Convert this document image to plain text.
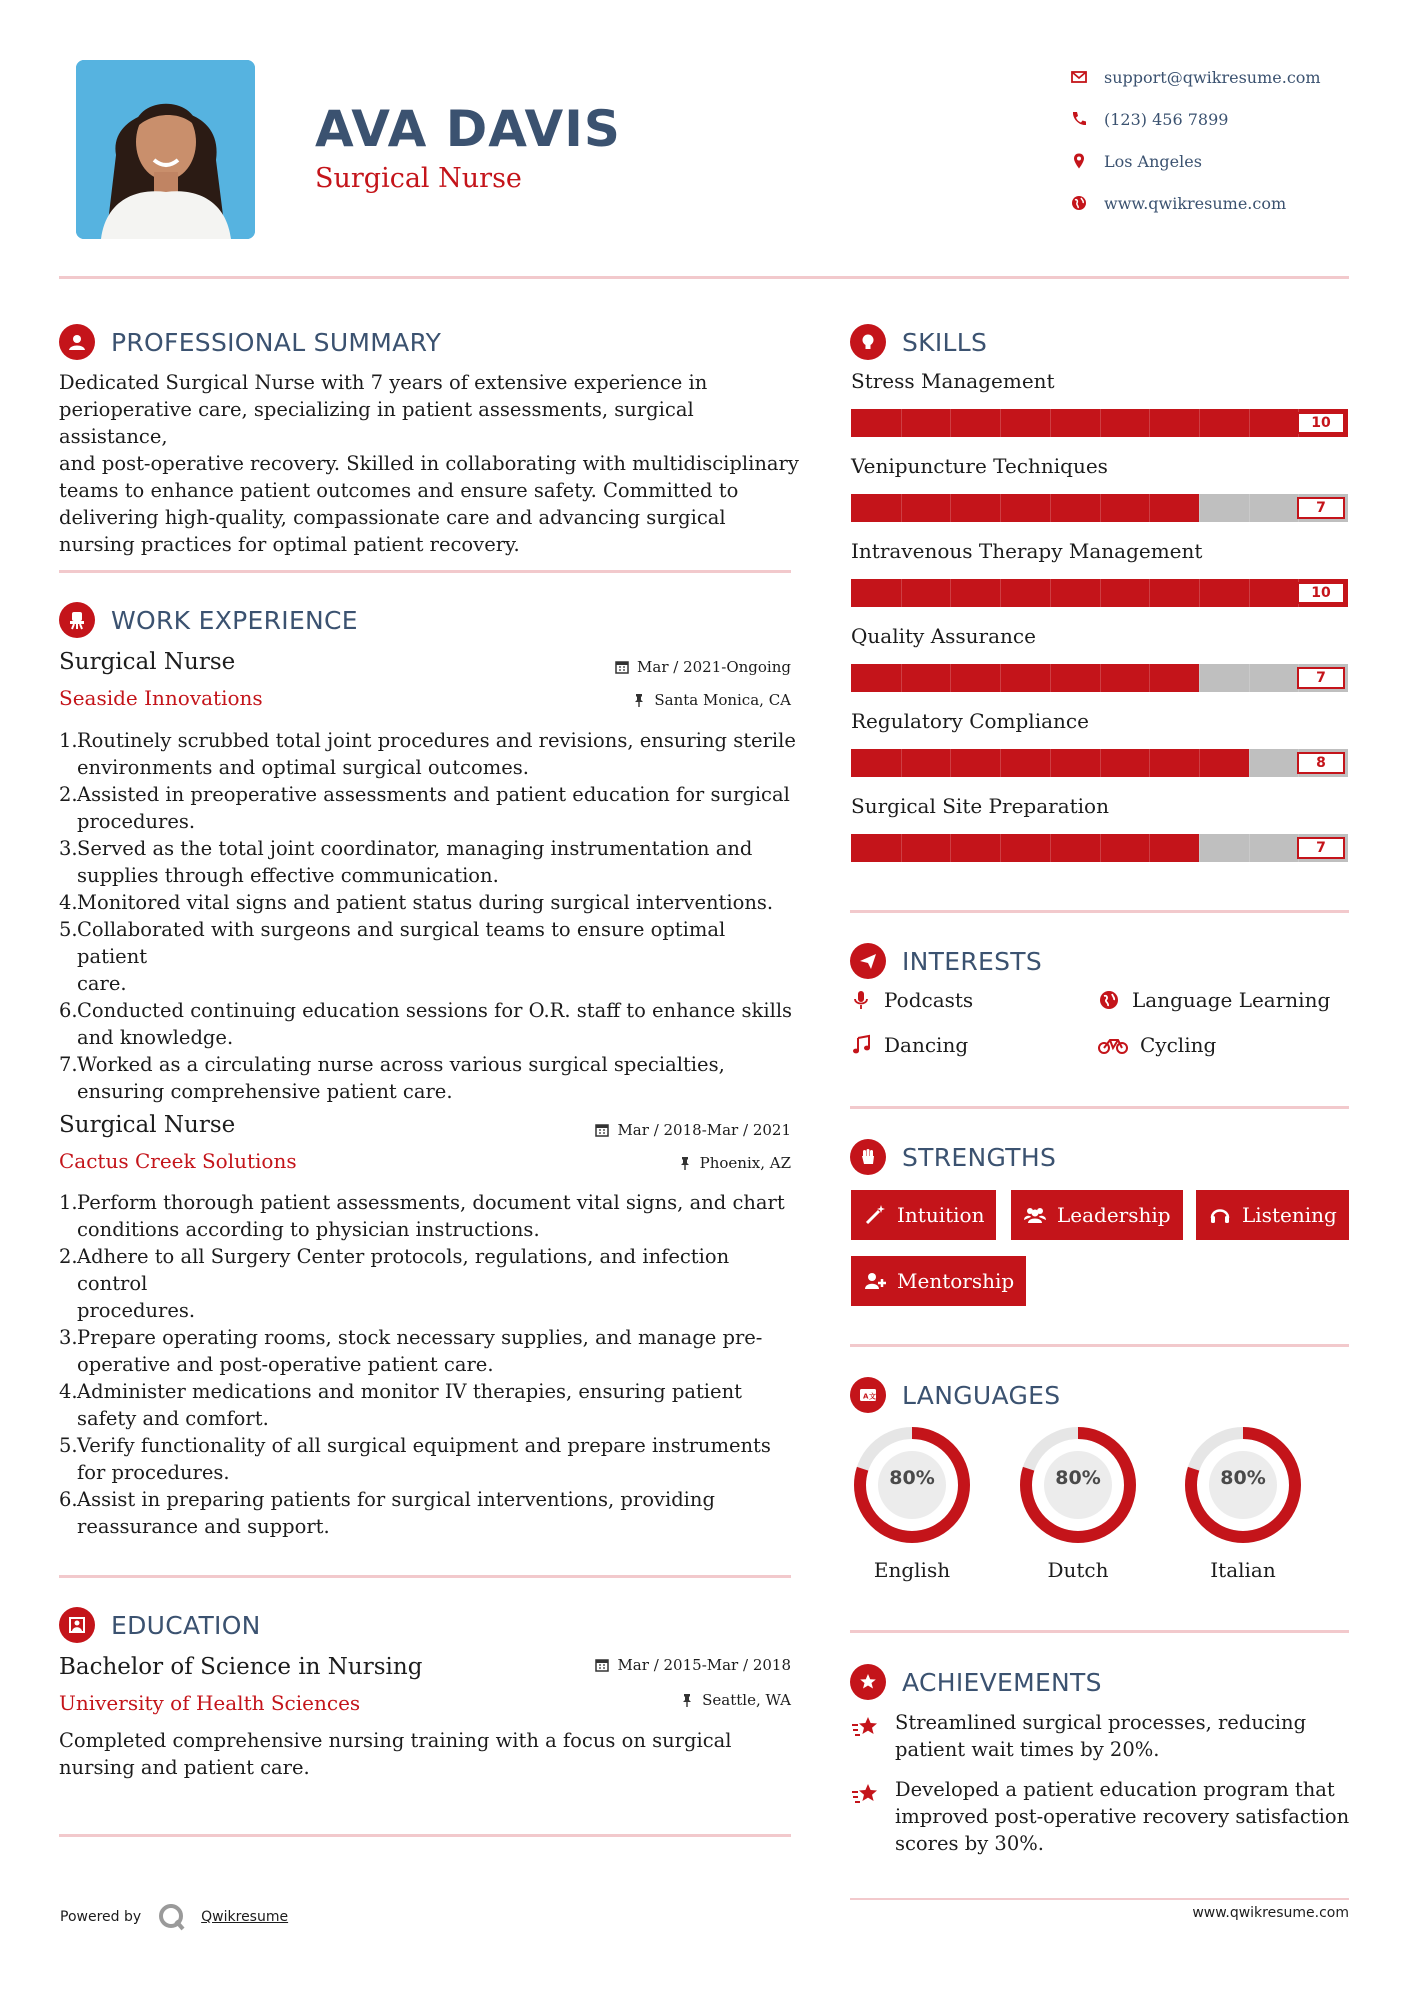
AVA DAVIS
Surgical Nurse
support@qwikresume.com
(123) 456 7899
Los Angeles
www.qwikresume.com
PROFESSIONAL SUMMARY
Dedicated Surgical Nurse with 7 years of extensive experience in
perioperative care, specializing in patient assessments, surgical assistance,
and post-operative recovery. Skilled in collaborating with multidisciplinary
teams to enhance patient outcomes and ensure safety. Committed to
delivering high-quality, compassionate care and advancing surgical
nursing practices for optimal patient recovery.
WORK EXPERIENCE
Surgical Nurse
Seaside Innovations
Mar / 2021-Ongoing
Santa Monica, CA
1. Routinely scrubbed total joint procedures and revisions, ensuring sterile
environments and optimal surgical outcomes.
2. Assisted in preoperative assessments and patient education for surgical
procedures.
3. Served as the total joint coordinator, managing instrumentation and
supplies through effective communication.
4. Monitored vital signs and patient status during surgical interventions.
5. Collaborated with surgeons and surgical teams to ensure optimal patient
care.
6. Conducted continuing education sessions for O.R. staff to enhance skills
and knowledge.
7. Worked as a circulating nurse across various surgical specialties,
ensuring comprehensive patient care.
Surgical Nurse
Cactus Creek Solutions
Mar / 2018-Mar / 2021
Phoenix, AZ
1. Perform thorough patient assessments, document vital signs, and chart
conditions according to physician instructions.
2. Adhere to all Surgery Center protocols, regulations, and infection control
procedures.
3. Prepare operating rooms, stock necessary supplies, and manage pre-
operative and post-operative patient care.
4. Administer medications and monitor IV therapies, ensuring patient
safety and comfort.
5. Verify functionality of all surgical equipment and prepare instruments
for procedures.
6. Assist in preparing patients for surgical interventions, providing
reassurance and support.
EDUCATION
Bachelor of Science in Nursing
University of Health Sciences
Mar / 2015-Mar / 2018
Seattle, WA
Completed comprehensive nursing training with a focus on surgical
nursing and patient care.
SKILLS
Stress Management
10
Venipuncture Techniques
7
Intravenous Therapy Management
10
Quality Assurance
7
Regulatory Compliance
8
Surgical Site Preparation
7
INTERESTS
Podcasts	Language Learning
Dancing	Cycling
STRENGTHS
Intuition	Leadership	Listening
Mentorship
A 文 LANGUAGES
80%
English
80%
Dutch
80%
Italian
ACHIEVEMENTS
Streamlined surgical processes, reducing
patient wait times by 20%.
Developed a patient education program that
improved post-operative recovery satisfaction
scores by 30%.
Powered by	Qwikresume	www.qwikresume.com
